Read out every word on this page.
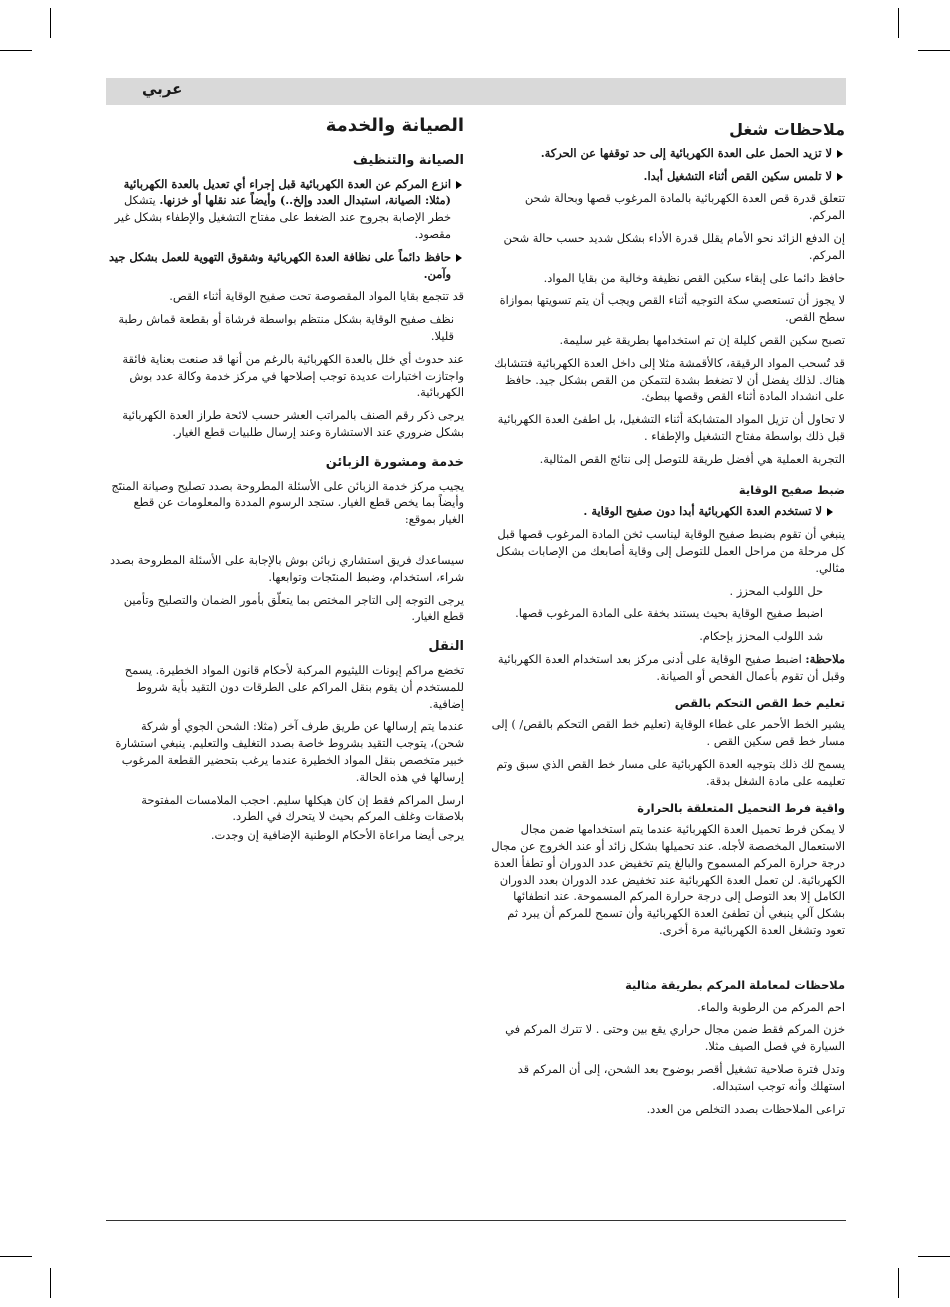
عربي
ملاحظات شغل
لا تزيد الحمل على العدة الكهربائية إلى حد توقفها عن الحركة.
لا تلمس سكين القص أثناء التشغيل أبدا.
تتعلق قدرة قص العدة الكهربائية بالمادة المرغوب قصها وبحالة شحن المركم.
إن الدفع الزائد نحو الأمام يقلل قدرة الأداء بشكل شديد حسب حالة شحن المركم.
حافظ دائما على إبقاء سكين القص نظيفة وخالية من بقايا المواد.
لا يجوز أن تستعصي سكة التوجيه أثناء القص ويجب أن يتم تسويتها بموازاة سطح القص.
تصبح سكين القص كليلة إن تم استخدامها بطريقة غير سليمة.
قد تُسحب المواد الرقيقة، كالأقمشة مثلا إلى داخل العدة الكهربائية فتتشابك هناك. لذلك يفضل أن لا تضغط بشدة لتتمكن من القص بشكل جيد. حافظ على انشداد المادة أثناء القص وقصها ببطئ.
لا تحاول أن تزيل المواد المتشابكة أثناء التشغيل، بل اطفئ العدة الكهربائية قبل ذلك بواسطة مفتاح التشغيل والإطفاء .
التجربة العملية هي أفضل طريقة للتوصل إلى نتائج القص المثالية.
ضبط صفيح الوقاية
لا تستخدم العدة الكهربائية أبدا دون صفيح الوقاية .
ينبغي أن تقوم بضبط صفيح الوقاية ليناسب ثخن المادة المرغوب قصها قبل كل مرحلة من مراحل العمل للتوصل إلى وقاية أصابعك من الإصابات بشكل مثالي.
حل اللولب المحزز .
اضبط صفيح الوقاية بحيث يستند بخفة على المادة المرغوب قصها.
شد اللولب المحزز بإحكام.
ملاحظة: اضبط صفيح الوقاية على أدنى مركز بعد استخدام العدة الكهربائية وقبل أن تقوم بأعمال الفحص أو الصيانة.
تعليم خط القص التحكم بالقص
يشير الخط الأحمر على غطاء الوقاية (تعليم خط القص التحكم بالقص/ ) إلى مسار خط قص سكين القص .
يسمح لك ذلك بتوجيه العدة الكهربائية على مسار خط القص الذي سبق وتم تعليمه على مادة الشغل بدقة.
واقية فرط التحميل المتعلقة بالحرارة
لا يمكن فرط تحميل العدة الكهربائية عندما يتم استخدامها ضمن مجال الاستعمال المخصصة لأجله. عند تحميلها بشكل زائد أو عند الخروج عن مجال درجة حرارة المركم المسموح والبالغ يتم تخفيض عدد الدوران أو تطفأ العدة الكهربائية. لن تعمل العدة الكهربائية عند تخفيض عدد الدوران بعدد الدوران الكامل إلا بعد التوصل إلى درجة حرارة المركم المسموحة. عند انطفائها بشكل آلي ينبغي أن تطفئ العدة الكهربائية وأن تسمح للمركم أن يبرد ثم تعود وتشغل العدة الكهربائية مرة أخرى.
ملاحظات لمعاملة المركم بطريقة مثالية
احم المركم من الرطوبة والماء.
خزن المركم فقط ضمن مجال حراري يقع بين وحتى . لا تترك المركم في السيارة في فصل الصيف مثلا.
وتدل فترة صلاحية تشغيل أقصر بوضوح بعد الشحن، إلى أن المركم قد استهلك وأنه توجب استبداله.
تراعى الملاحظات بصدد التخلص من العدد.
الصيانة والخدمة
الصيانة والتنظيف
انزع المركم عن العدة الكهربائية قبل إجراء أي تعديل بالعدة الكهربائية (مثلا: الصيانة، استبدال العدد وإلخ..) وأيضاً عند نقلها أو خزنها. يتشكل خطر الإصابة بجروح عند الضغط على مفتاح التشغيل والإطفاء بشكل غير مقصود.
حافظ دائماً على نظافة العدة الكهربائية وشقوق التهوية للعمل بشكل جيد وآمن.
قد تتجمع بقايا المواد المقصوصة تحت صفيح الوقاية أثناء القص.
نظف صفيح الوقاية بشكل منتظم بواسطة فرشاة أو بقطعة قماش رطبة قليلا.
عند حدوث أي خلل بالعدة الكهربائية بالرغم من أنها قد صنعت بعناية فائقة واجتازت اختبارات عديدة توجب إصلاحها في مركز خدمة وكالة عدد بوش الكهربائية.
يرجى ذكر رقم الصنف بالمراتب العشر حسب لائحة طراز العدة الكهربائية بشكل ضروري عند الاستشارة وعند إرسال طلبيات قطع الغيار.
خدمة ومشورة الزبائن
يجيب مركز خدمة الزبائن على الأسئلة المطروحة بصدد تصليح وصيانة المنتَج وأيضاً بما يخص قطع الغيار. ستجد الرسوم المددة والمعلومات عن قطع الغيار بموقع:
سيساعدك فريق استشاري زبائن بوش بالإجابة على الأسئلة المطروحة بصدد شراء، استخدام، وضبط المنتَجات وتوابعها.
يرجى التوجه إلى التاجر المختص بما يتعلّق بأمور الضمان والتصليح وتأمين قطع الغيار.
النقل
تخضع مراكم إيونات الليثيوم المركبة لأحكام قانون المواد الخطيرة. يسمح للمستخدم أن يقوم بنقل المراكم على الطرقات دون التقيد بأية شروط إضافية.
عندما يتم إرسالها عن طريق طرف آخر (مثلا: الشحن الجوي أو شركة شحن)، يتوجب التقيد بشروط خاصة بصدد التغليف والتعليم. ينبغي استشارة خبير متخصص بنقل المواد الخطيرة عندما يرغب بتحضير القطعة المرغوب إرسالها في هذه الحالة.
ارسل المراكم فقط إن كان هيكلها سليم. احجب الملامسات المفتوحة بلاصقات وغلف المركم بحيث لا يتحرك في الطرد.
يرجى أيضا مراعاة الأحكام الوطنية الإضافية إن وجدت.
